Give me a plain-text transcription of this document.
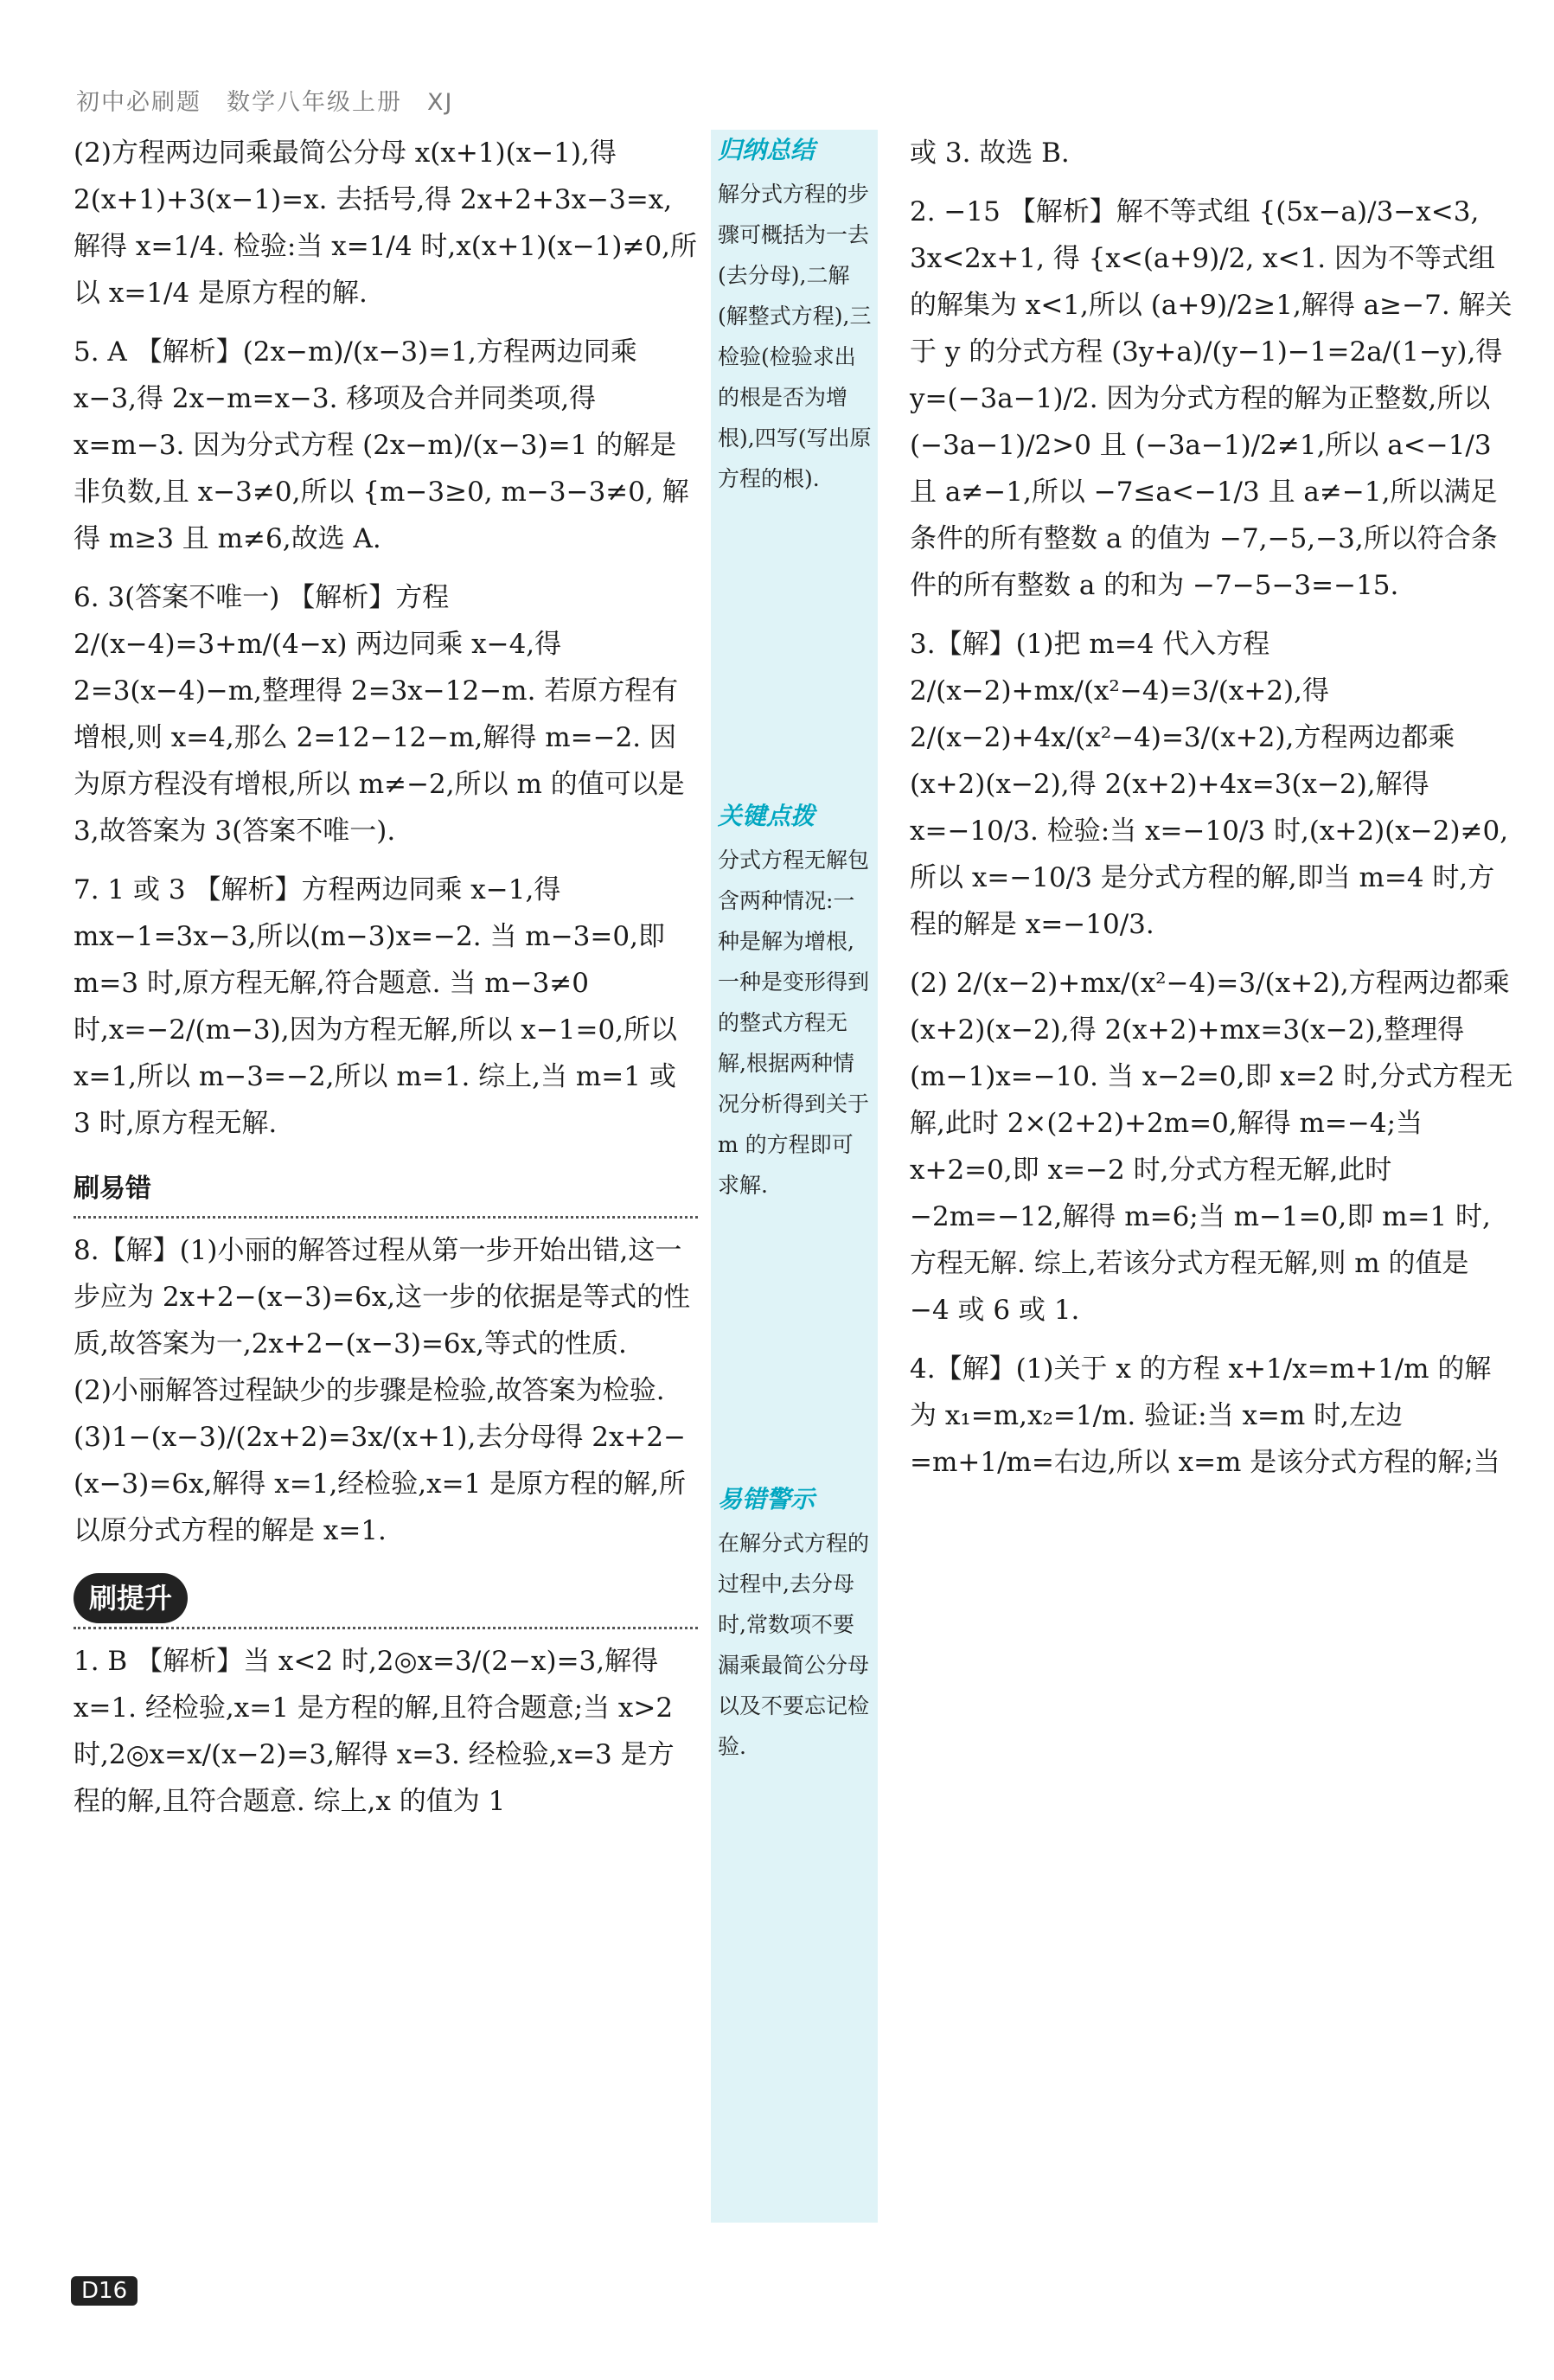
初中必刷题　数学八年级上册　XJ

(2)方程两边同乘最简公分母 x(x+1)(x−1),得 2(x+1)+3(x−1)=x. 去括号,得 2x+2+3x−3=x,解得 x=1/4. 检验:当 x=1/4 时,x(x+1)(x−1)≠0,所以 x=1/4 是原方程的解.

5. A 【解析】(2x−m)/(x−3)=1,方程两边同乘 x−3,得 2x−m=x−3. 移项及合并同类项,得 x=m−3. 因为分式方程 (2x−m)/(x−3)=1 的解是非负数,且 x−3≠0,所以 {m−3≥0, m−3−3≠0, 解得 m≥3 且 m≠6,故选 A.

6. 3(答案不唯一) 【解析】方程 2/(x−4)=3+m/(4−x) 两边同乘 x−4,得 2=3(x−4)−m,整理得 2=3x−12−m. 若原方程有增根,则 x=4,那么 2=12−12−m,解得 m=−2. 因为原方程没有增根,所以 m≠−2,所以 m 的值可以是 3,故答案为 3(答案不唯一).

7. 1 或 3 【解析】方程两边同乘 x−1,得 mx−1=3x−3,所以(m−3)x=−2. 当 m−3=0,即 m=3 时,原方程无解,符合题意. 当 m−3≠0 时,x=−2/(m−3),因为方程无解,所以 x−1=0,所以 x=1,所以 m−3=−2,所以 m=1. 综上,当 m=1 或 3 时,原方程无解.

刷易错

8.【解】(1)小丽的解答过程从第一步开始出错,这一步应为 2x+2−(x−3)=6x,这一步的依据是等式的性质,故答案为一,2x+2−(x−3)=6x,等式的性质.

(2)小丽解答过程缺少的步骤是检验,故答案为检验.

(3)1−(x−3)/(2x+2)=3x/(x+1),去分母得 2x+2−(x−3)=6x,解得 x=1,经检验,x=1 是原方程的解,所以原分式方程的解是 x=1.

刷提升

1. B 【解析】当 x<2 时,2◎x=3/(2−x)=3,解得 x=1. 经检验,x=1 是方程的解,且符合题意;当 x>2 时,2◎x=x/(x−2)=3,解得 x=3. 经检验,x=3 是方程的解,且符合题意. 综上,x 的值为 1

归纳总结
解分式方程的步骤可概括为一去(去分母),二解(解整式方程),三检验(检验求出的根是否为增根),四写(写出原方程的根).
关键点拨
分式方程无解包含两种情况:一种是解为增根,一种是变形得到的整式方程无解,根据两种情况分析得到关于 m 的方程即可求解.
易错警示
在解分式方程的过程中,去分母时,常数项不要漏乘最简公分母以及不要忘记检验.

或 3. 故选 B.

2. −15 【解析】解不等式组 {(5x−a)/3−x<3, 3x<2x+1, 得 {x<(a+9)/2, x<1. 因为不等式组的解集为 x<1,所以 (a+9)/2≥1,解得 a≥−7. 解关于 y 的分式方程 (3y+a)/(y−1)−1=2a/(1−y),得 y=(−3a−1)/2. 因为分式方程的解为正整数,所以 (−3a−1)/2>0 且 (−3a−1)/2≠1,所以 a<−1/3 且 a≠−1,所以 −7≤a<−1/3 且 a≠−1,所以满足条件的所有整数 a 的值为 −7,−5,−3,所以符合条件的所有整数 a 的和为 −7−5−3=−15.

3.【解】(1)把 m=4 代入方程 2/(x−2)+mx/(x²−4)=3/(x+2),得 2/(x−2)+4x/(x²−4)=3/(x+2),方程两边都乘(x+2)(x−2),得 2(x+2)+4x=3(x−2),解得 x=−10/3. 检验:当 x=−10/3 时,(x+2)(x−2)≠0,所以 x=−10/3 是分式方程的解,即当 m=4 时,方程的解是 x=−10/3.

(2) 2/(x−2)+mx/(x²−4)=3/(x+2),方程两边都乘(x+2)(x−2),得 2(x+2)+mx=3(x−2),整理得(m−1)x=−10. 当 x−2=0,即 x=2 时,分式方程无解,此时 2×(2+2)+2m=0,解得 m=−4;当 x+2=0,即 x=−2 时,分式方程无解,此时 −2m=−12,解得 m=6;当 m−1=0,即 m=1 时,方程无解. 综上,若该分式方程无解,则 m 的值是 −4 或 6 或 1.

4.【解】(1)关于 x 的方程 x+1/x=m+1/m 的解为 x₁=m,x₂=1/m. 验证:当 x=m 时,左边=m+1/m=右边,所以 x=m 是该分式方程的解;当

D16
